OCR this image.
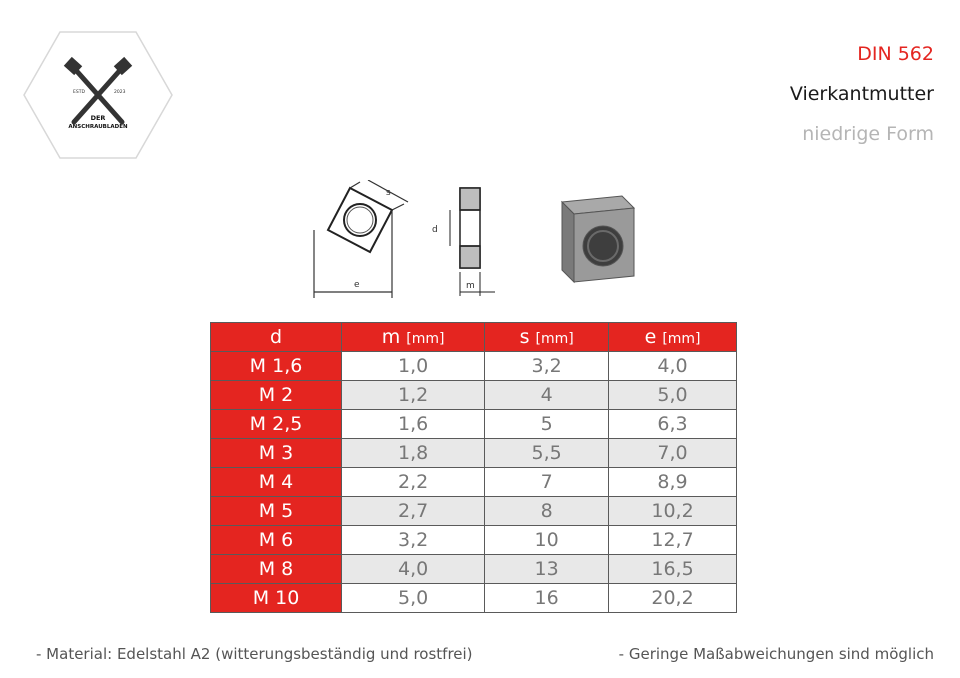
ESTD	2023
DER
ANSCHRAUBLADEN
DIN 562
Vierkantmutter
niedrige Form
e
s
d
m
d	m [mm]	s [mm]	e [mm]
M 1,6	1,0	3,2	4,0
M 2	1,2	4	5,0
M 2,5	1,6	5	6,3
M 3	1,8	5,5	7,0
M 4	2,2	7	8,9
M 5	2,7	8	10,2
M 6	3,2	10	12,7
M 8	4,0	13	16,5
M 10	5,0	16	20,2
- Material: Edelstahl A2 (witterungsbeständig und rostfrei)	- Geringe Maßabweichungen sind möglich
